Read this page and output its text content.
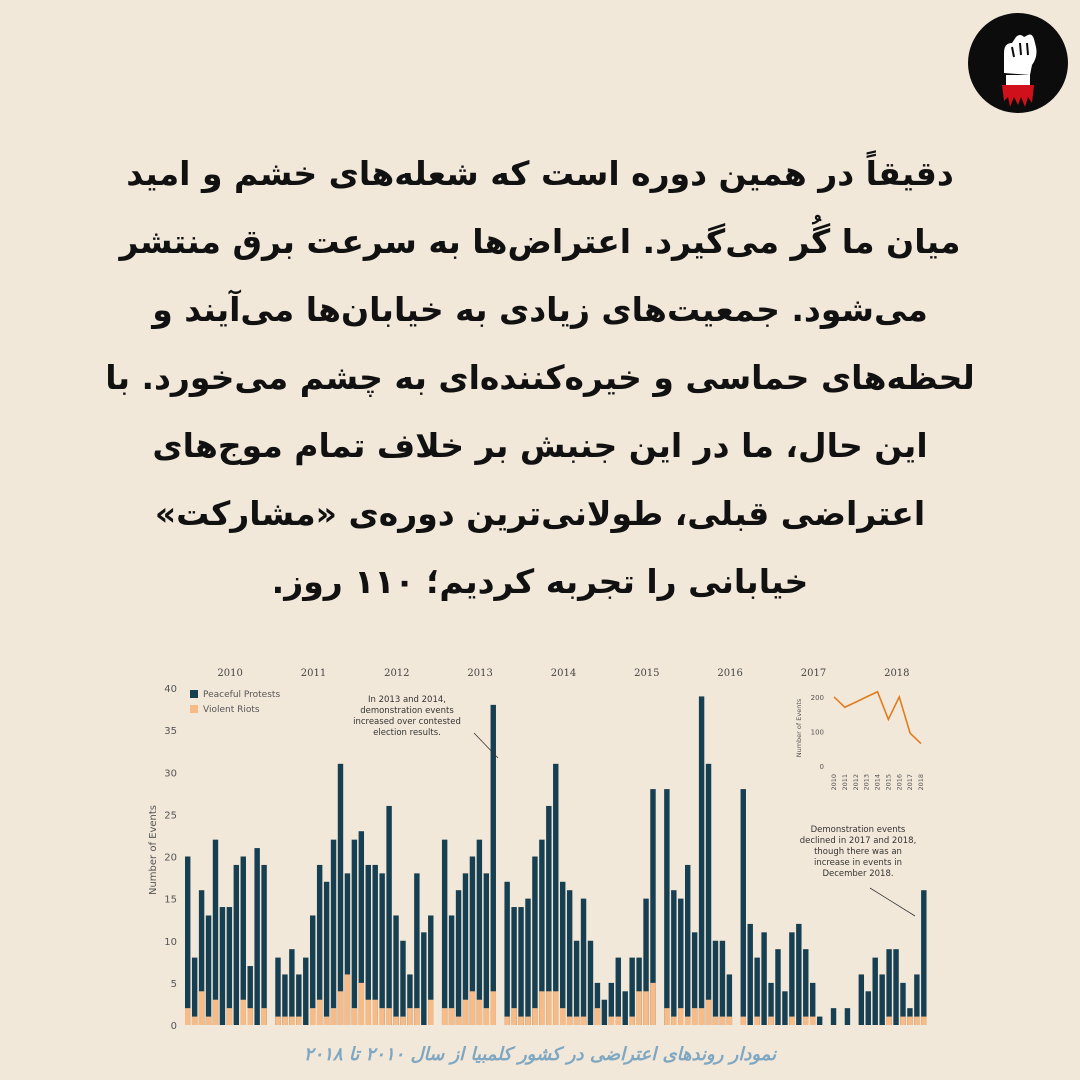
دقیقاً در همین دوره است که شعله‌های خشم و امید میان ما گُر می‌گیرد. اعتراض‌ها به سرعت برق منتشر می‌شود. جمعیت‌های زیادی به خیابان‌ها می‌آیند و لحظه‌های حماسی و خیره‌کننده‌ای به چشم می‌خورد. با این حال، ما در این جنبش بر خلاف تمام موج‌های اعتراضی قبلی، طولانی‌ترین دوره‌ی «مشارکت» خیابانی را تجربه کردیم؛ ۱۱۰ روز.
0
5
10
15
20
25
30
35
40
2010	2011	2012	2013	2014	2015	2016	2017	2018
Number of Events
Peaceful Protests
Violent Riots
In 2013 and 2014,
demonstration events
increased over contested
election results.
Demonstration events
declined in 2017 and 2018,
though there was an
increase in events in
December 2018.
0
100
200
Number of Events
2010 2011 2012 2013 2014 2015 2016 2017 2018
نمودار روندهای اعتراضی در کشور کلمبیا از سال ۲۰۱۰ تا ۲۰۱۸
